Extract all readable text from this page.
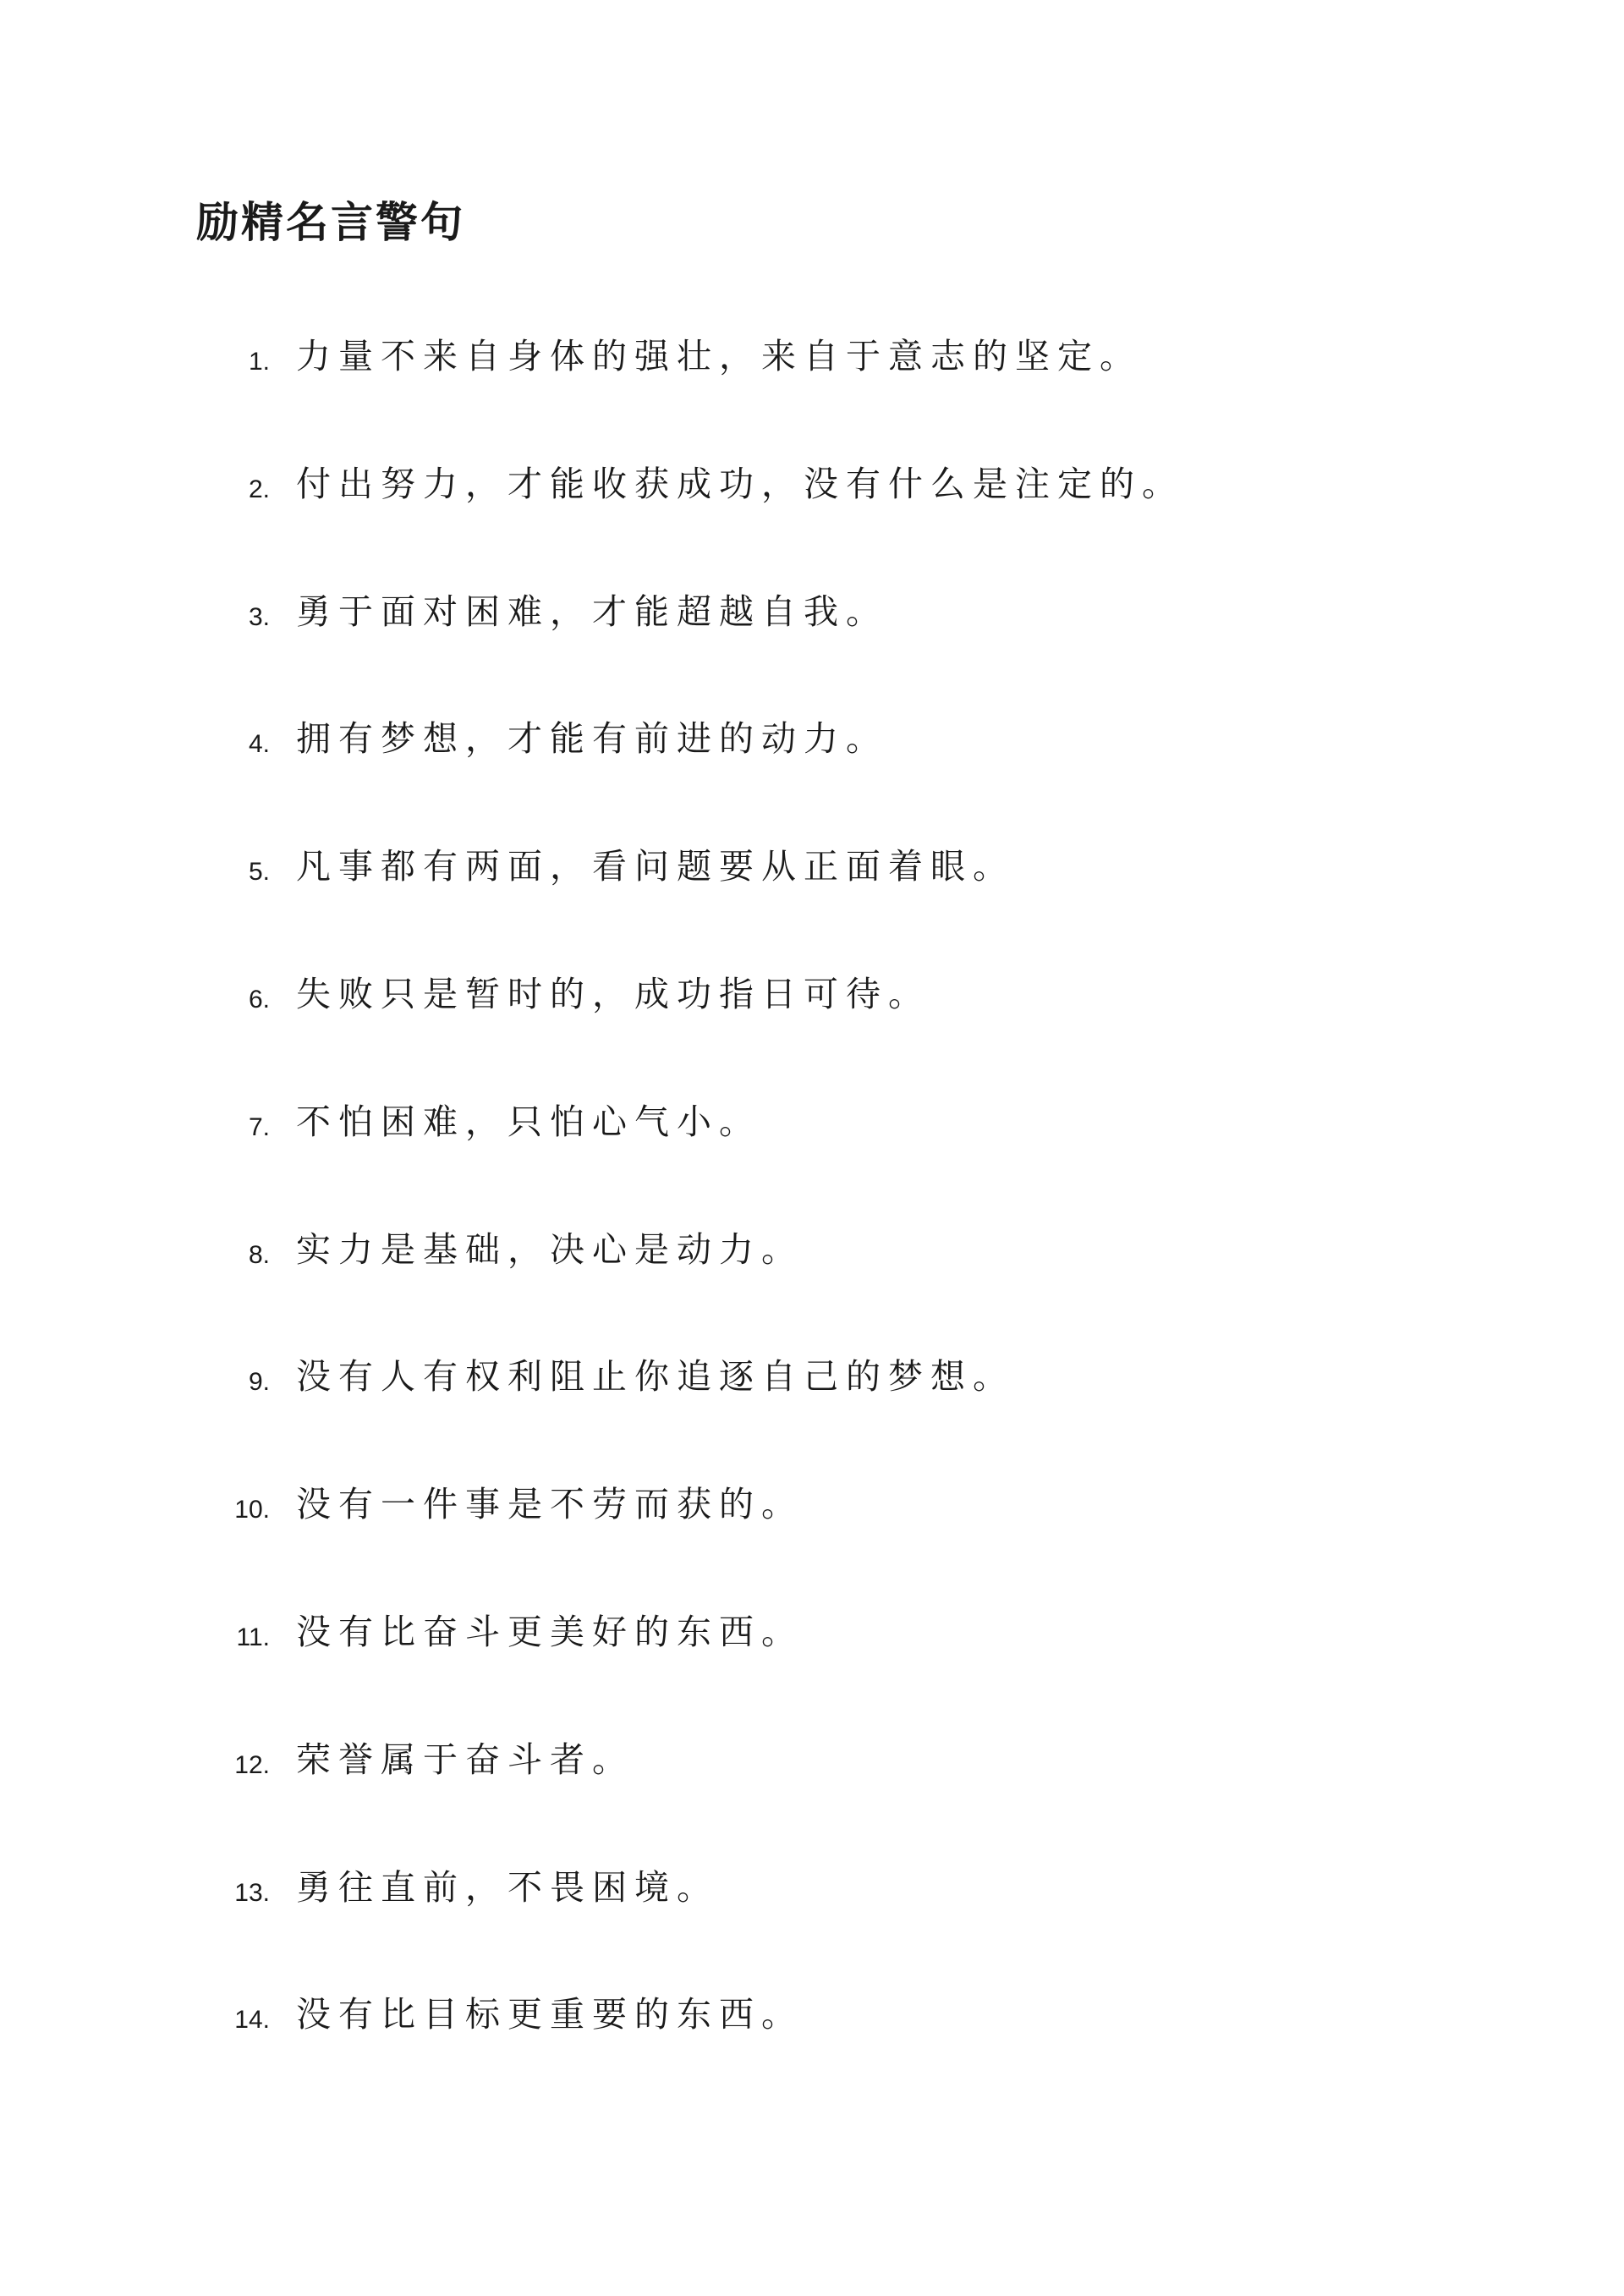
励精名言警句
1. 力量不来自身体的强壮，来自于意志的坚定。
2. 付出努力，才能收获成功，没有什么是注定的。
3. 勇于面对困难，才能超越自我。
4. 拥有梦想，才能有前进的动力。
5. 凡事都有两面，看问题要从正面着眼。
6. 失败只是暂时的，成功指日可待。
7. 不怕困难，只怕心气小。
8. 实力是基础，决心是动力。
9. 没有人有权利阻止你追逐自己的梦想。
10. 没有一件事是不劳而获的。
11. 没有比奋斗更美好的东西。
12. 荣誉属于奋斗者。
13. 勇往直前，不畏困境。
14. 没有比目标更重要的东西。
